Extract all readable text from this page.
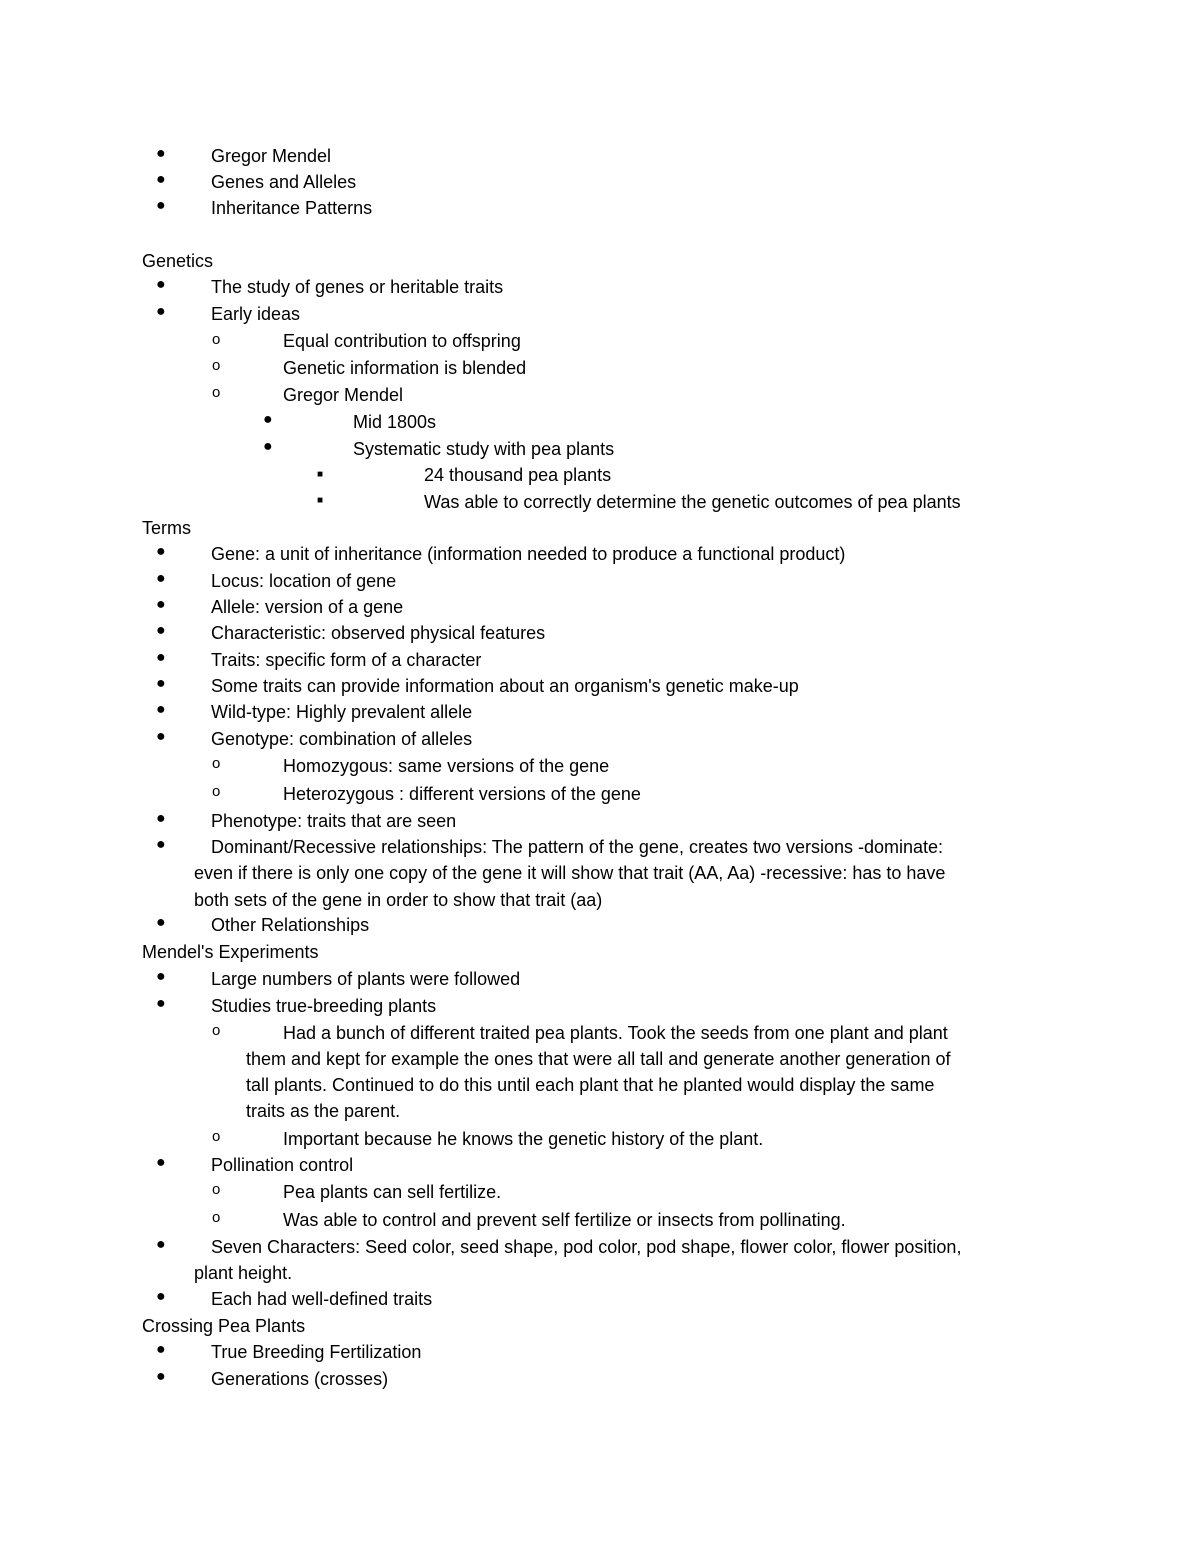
●	Gregor Mendel
●	Genes and Alleles
●	Inheritance Patterns
Genetics
●	The study of genes or heritable traits
●	Early ideas
o	Equal contribution to offspring
o	Genetic information is blended
o	Gregor Mendel
●	Mid 1800s
●	Systematic study with pea plants
■	24 thousand pea plants
■	Was able to correctly determine the genetic outcomes of pea plants
Terms
●	Gene: a unit of inheritance (information needed to produce a functional product)
●	Locus: location of gene
●	Allele: version of a gene
●	Characteristic: observed physical features
●	Traits: specific form of a character
●	Some traits can provide information about an organism's genetic make-up
●	Wild-type: Highly prevalent allele
●	Genotype: combination of alleles
o	Homozygous: same versions of the gene
o	Heterozygous : different versions of the gene
●	Phenotype: traits that are seen
●	Dominant/Recessive relationships: The pattern of the gene, creates two versions -dominate:
even if there is only one copy of the gene it will show that trait (AA, Aa) -recessive: has to have
both sets of the gene in order to show that trait (aa)
●	Other Relationships
Mendel's Experiments
●	Large numbers of plants were followed
●	Studies true-breeding plants
o	Had a bunch of different traited pea plants. Took the seeds from one plant and plant
them and kept for example the ones that were all tall and generate another generation of
tall plants. Continued to do this until each plant that he planted would display the same
traits as the parent.
o	Important because he knows the genetic history of the plant.
●	Pollination control
o	Pea plants can sell fertilize.
o	Was able to control and prevent self fertilize or insects from pollinating.
●	Seven Characters: Seed color, seed shape, pod color, pod shape, flower color, flower position,
plant height.
●	Each had well-defined traits
Crossing Pea Plants
●	True Breeding Fertilization
●	Generations (crosses)
